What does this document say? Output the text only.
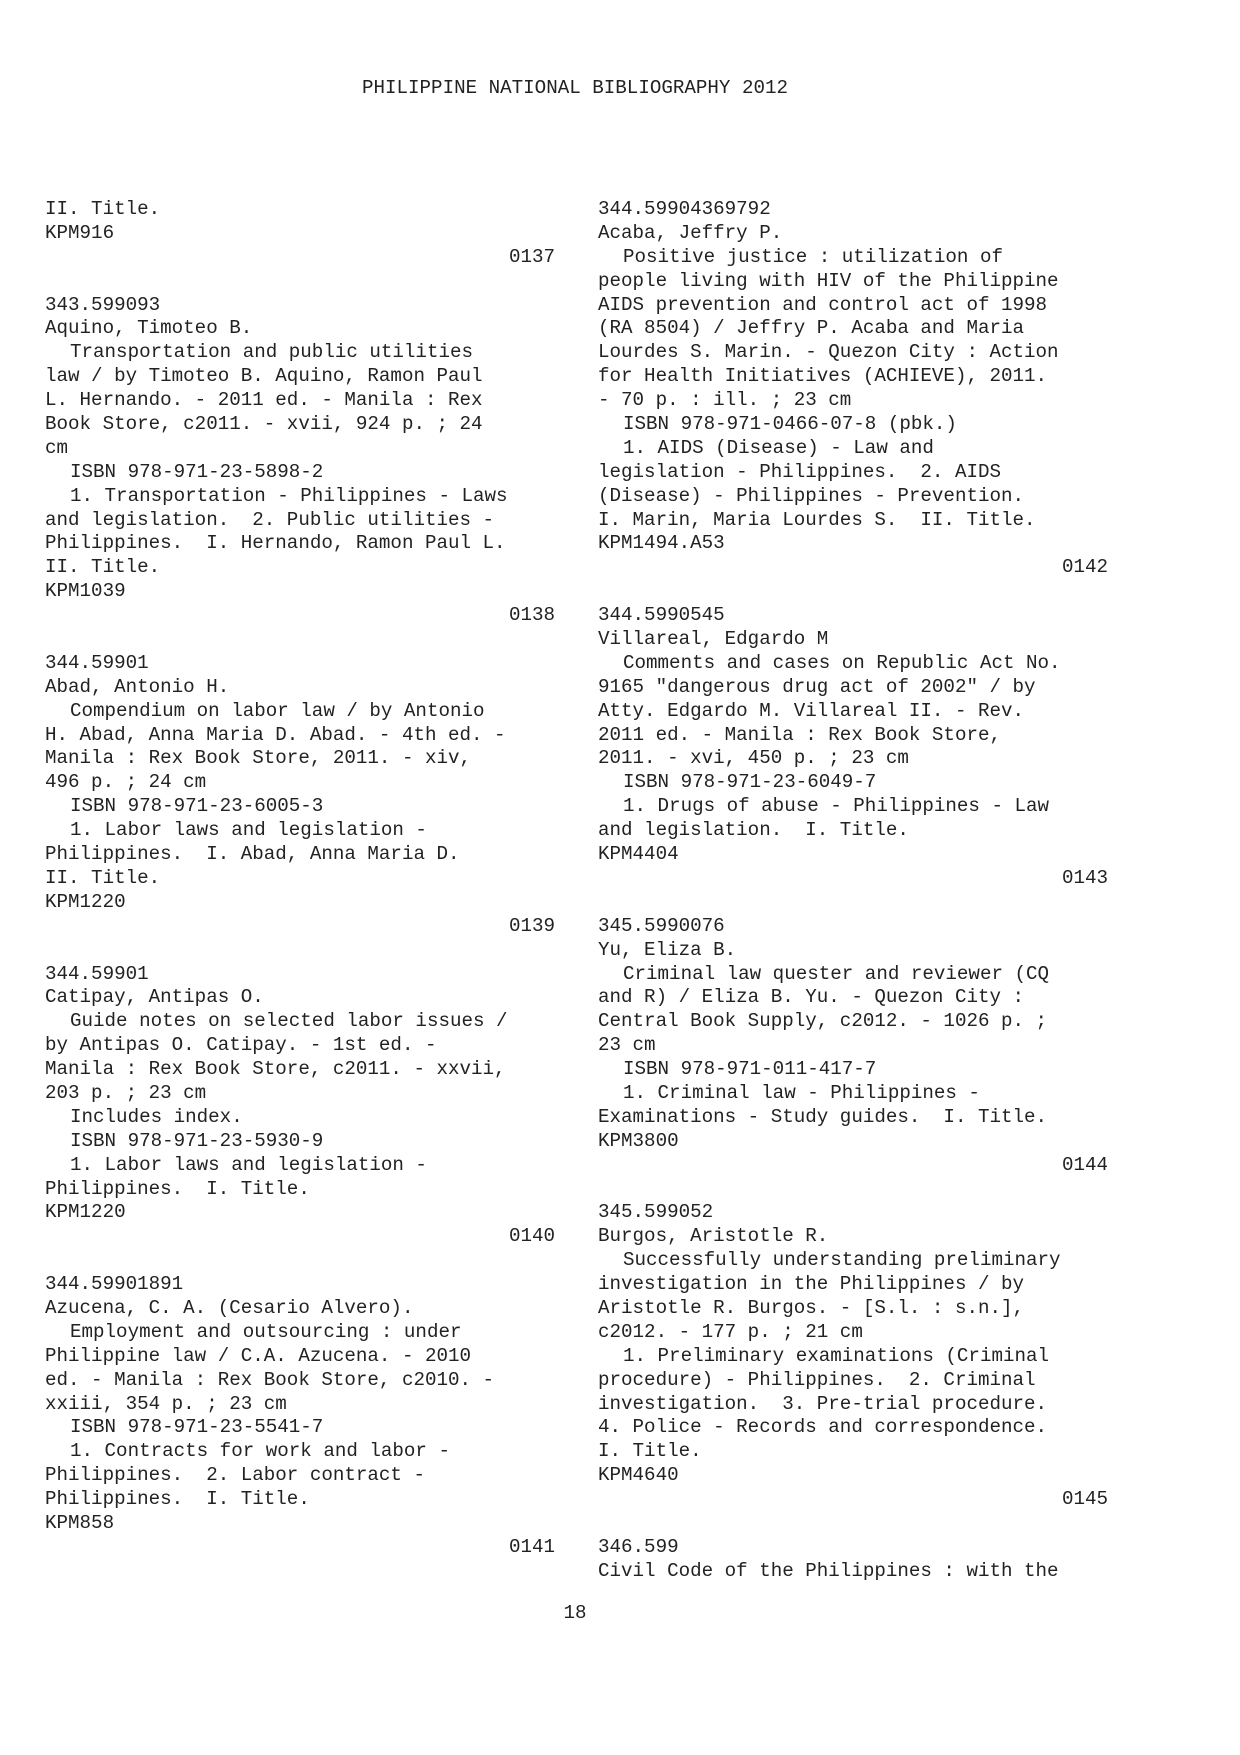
PHILIPPINE NATIONAL BIBLIOGRAPHY 2012
II. Title.
KPM916
0137
343.599093
Aquino, Timoteo B.
Transportation and public utilities
law / by Timoteo B. Aquino, Ramon Paul
L. Hernando. - 2011 ed. - Manila : Rex
Book Store, c2011. - xvii, 924 p. ; 24
cm
ISBN 978-971-23-5898-2
1. Transportation - Philippines - Laws
and legislation.  2. Public utilities -
Philippines.  I. Hernando, Ramon Paul L.
II. Title.
KPM1039
0138
344.59901
Abad, Antonio H.
Compendium on labor law / by Antonio
H. Abad, Anna Maria D. Abad. - 4th ed. -
Manila : Rex Book Store, 2011. - xiv,
496 p. ; 24 cm
ISBN 978-971-23-6005-3
1. Labor laws and legislation -
Philippines.  I. Abad, Anna Maria D.
II. Title.
KPM1220
0139
344.59901
Catipay, Antipas O.
Guide notes on selected labor issues /
by Antipas O. Catipay. - 1st ed. -
Manila : Rex Book Store, c2011. - xxvii,
203 p. ; 23 cm
Includes index.
ISBN 978-971-23-5930-9
1. Labor laws and legislation -
Philippines.  I. Title.
KPM1220
0140
344.59901891
Azucena, C. A. (Cesario Alvero).
Employment and outsourcing : under
Philippine law / C.A. Azucena. - 2010
ed. - Manila : Rex Book Store, c2010. -
xxiii, 354 p. ; 23 cm
ISBN 978-971-23-5541-7
1. Contracts for work and labor -
Philippines.  2. Labor contract -
Philippines.  I. Title.
KPM858
0141
344.59904369792
Acaba, Jeffry P.
Positive justice : utilization of
people living with HIV of the Philippine
AIDS prevention and control act of 1998
(RA 8504) / Jeffry P. Acaba and Maria
Lourdes S. Marin. - Quezon City : Action
for Health Initiatives (ACHIEVE), 2011.
- 70 p. : ill. ; 23 cm
ISBN 978-971-0466-07-8 (pbk.)
1. AIDS (Disease) - Law and
legislation - Philippines.  2. AIDS
(Disease) - Philippines - Prevention.
I. Marin, Maria Lourdes S.  II. Title.
KPM1494.A53
0142
344.5990545
Villareal, Edgardo M
Comments and cases on Republic Act No.
9165 "dangerous drug act of 2002" / by
Atty. Edgardo M. Villareal II. - Rev.
2011 ed. - Manila : Rex Book Store,
2011. - xvi, 450 p. ; 23 cm
ISBN 978-971-23-6049-7
1. Drugs of abuse - Philippines - Law
and legislation.  I. Title.
KPM4404
0143
345.5990076
Yu, Eliza B.
Criminal law quester and reviewer (CQ
and R) / Eliza B. Yu. - Quezon City :
Central Book Supply, c2012. - 1026 p. ;
23 cm
ISBN 978-971-011-417-7
1. Criminal law - Philippines -
Examinations - Study guides.  I. Title.
KPM3800
0144
345.599052
Burgos, Aristotle R.
Successfully understanding preliminary
investigation in the Philippines / by
Aristotle R. Burgos. - [S.l. : s.n.],
c2012. - 177 p. ; 21 cm
1. Preliminary examinations (Criminal
procedure) - Philippines.  2. Criminal
investigation.  3. Pre-trial procedure.
4. Police - Records and correspondence.
I. Title.
KPM4640
0145
346.599
Civil Code of the Philippines : with the
18
